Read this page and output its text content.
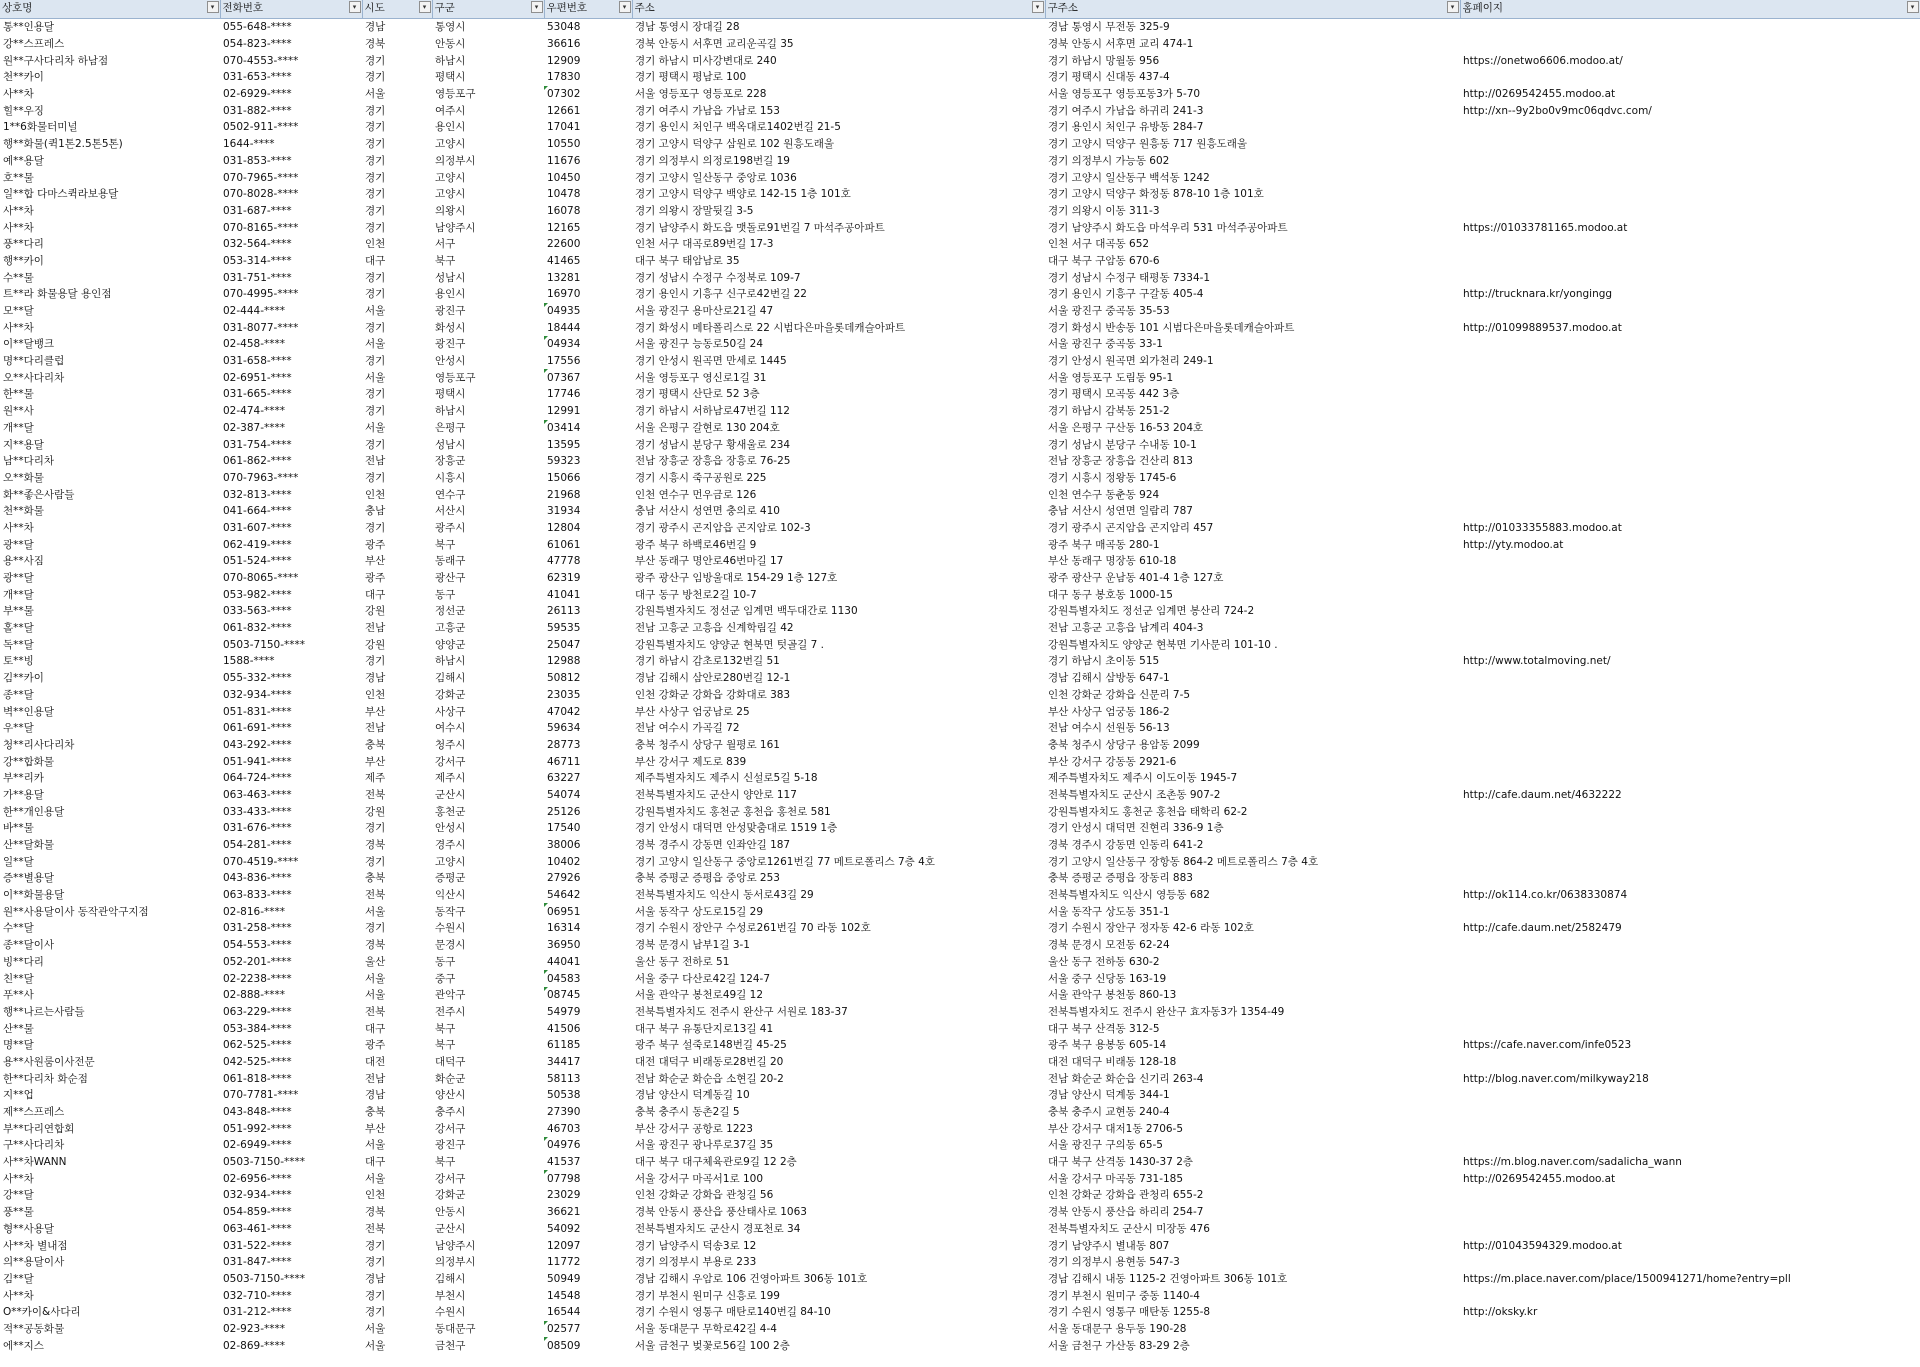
상호명 ▾	전화번호 ▾	시도 ▾	구군 ▾	우편번호 ▾	주소 ▾	구주소 ▾	홈페이지 ▾

통**인용달	055-648-****	경남	통영시	53048	경남 통영시 장대길 28	경남 통영시 무전동 325-9	
강**스프레스	054-823-****	경북	안동시	36616	경북 안동시 서후면 교리운곡길 35	경북 안동시 서후면 교리 474-1	
원**구사다리차 하남점	070-4553-****	경기	하남시	12909	경기 하남시 미사강변대로 240	경기 하남시 망월동 956	https://onetwo6606.modoo.at/
천**카이	031-653-****	경기	평택시	17830	경기 평택시 평남로 100	경기 평택시 신대동 437-4	
사**차	02-6929-****	서울	영등포구	07302	서울 영등포구 영등포로 228	서울 영등포구 영등포동3가 5-70	http://0269542455.modoo.at
힐**우징	031-882-****	경기	여주시	12661	경기 여주시 가남읍 가남로 153	경기 여주시 가남읍 하귀리 241-3	http://xn--9y2bo0v9mc06qdvc.com/
1**6화물터미널	0502-911-****	경기	용인시	17041	경기 용인시 처인구 백옥대로1402번길 21-5	경기 용인시 처인구 유방동 284-7	
행**화물(퀵1톤2.5톤5톤)	1644-****	경기	고양시	10550	경기 고양시 덕양구 삼원로 102 원흥도래울	경기 고양시 덕양구 원흥동 717 원흥도래울	
예**용달	031-853-****	경기	의정부시	11676	경기 의정부시 의정로198번길 19	경기 의정부시 가능동 602	
호**물	070-7965-****	경기	고양시	10450	경기 고양시 일산동구 중앙로 1036	경기 고양시 일산동구 백석동 1242	
일**합 다마스퀵라보용달	070-8028-****	경기	고양시	10478	경기 고양시 덕양구 백양로 142-15 1층 101호	경기 고양시 덕양구 화정동 878-10 1층 101호	
사**차	031-687-****	경기	의왕시	16078	경기 의왕시 장말뒷길 3-5	경기 의왕시 이동 311-3	
사**차	070-8165-****	경기	남양주시	12165	경기 남양주시 화도읍 맷돌로91번길 7 마석주공아파트	경기 남양주시 화도읍 마석우리 531 마석주공아파트	https://01033781165.modoo.at
풍**다리	032-564-****	인천	서구	22600	인천 서구 대곡로89번길 17-3	인천 서구 대곡동 652	
행**카이	053-314-****	대구	북구	41465	대구 북구 태암남로 35	대구 북구 구암동 670-6	
수**물	031-751-****	경기	성남시	13281	경기 성남시 수정구 수정북로 109-7	경기 성남시 수정구 태평동 7334-1	
트**라 화물용달 용인점	070-4995-****	경기	용인시	16970	경기 용인시 기흥구 신구로42번길 22	경기 용인시 기흥구 구갈동 405-4	http://trucknara.kr/yongingg
모**달	02-444-****	서울	광진구	04935	서울 광진구 용마산로21길 47	서울 광진구 중곡동 35-53	
사**차	031-8077-****	경기	화성시	18444	경기 화성시 메타폴리스로 22 시범다은마을롯데캐슬아파트	경기 화성시 반송동 101 시범다은마을롯데캐슬아파트	http://01099889537.modoo.at
이**달뱅크	02-458-****	서울	광진구	04934	서울 광진구 능동로50길 24	서울 광진구 중곡동 33-1	
명**다리클럽	031-658-****	경기	안성시	17556	경기 안성시 원곡면 만세로 1445	경기 안성시 원곡면 외가천리 249-1	
오**사다리차	02-6951-****	서울	영등포구	07367	서울 영등포구 영신로1길 31	서울 영등포구 도림동 95-1	
한**물	031-665-****	경기	평택시	17746	경기 평택시 산단로 52 3층	경기 평택시 모곡동 442 3층	
원**사	02-474-****	경기	하남시	12991	경기 하남시 서하남로47번길 112	경기 하남시 감북동 251-2	
개**달	02-387-****	서울	은평구	03414	서울 은평구 갈현로 130 204호	서울 은평구 구산동 16-53 204호	
지**용달	031-754-****	경기	성남시	13595	경기 성남시 분당구 황새울로 234	경기 성남시 분당구 수내동 10-1	
남**다리차	061-862-****	전남	장흥군	59323	전남 장흥군 장흥읍 장흥로 76-25	전남 장흥군 장흥읍 건산리 813	
오**화물	070-7963-****	경기	시흥시	15066	경기 시흥시 죽구공원로 225	경기 시흥시 정왕동 1745-6	
화**좋은사람들	032-813-****	인천	연수구	21968	인천 연수구 먼우금로 126	인천 연수구 동춘동 924	
천**화물	041-664-****	충남	서산시	31934	충남 서산시 성연면 충의로 410	충남 서산시 성연면 일람리 787	
사**차	031-607-****	경기	광주시	12804	경기 광주시 곤지암읍 곤지암로 102-3	경기 광주시 곤지암읍 곤지암리 457	http://01033355883.modoo.at
광**달	062-419-****	광주	북구	61061	광주 북구 하백로46번길 9	광주 북구 매곡동 280-1	http://yty.modoo.at
용**사짐	051-524-****	부산	동래구	47778	부산 동래구 명안로46번마길 17	부산 동래구 명장동 610-18	
광**달	070-8065-****	광주	광산구	62319	광주 광산구 임방울대로 154-29 1층 127호	광주 광산구 운남동 401-4 1층 127호	
개**달	053-982-****	대구	동구	41041	대구 동구 방천로2길 10-7	대구 동구 봉호동 1000-15	
부**물	033-563-****	강원	정선군	26113	강원특별자치도 정선군 임계면 백두대간로 1130	강원특별자치도 정선군 임계면 봉산리 724-2	
홀**달	061-832-****	전남	고흥군	59535	전남 고흥군 고흥읍 신계학림길 42	전남 고흥군 고흥읍 남계리 404-3	
독**달	0503-7150-****	강원	양양군	25047	강원특별자치도 양양군 현북면 텃골길 7 .	강원특별자치도 양양군 현북면 기사문리 101-10 .	
토**빙	1588-****	경기	하남시	12988	경기 하남시 감초로132번길 51	경기 하남시 초이동 515	http://www.totalmoving.net/
김**카이	055-332-****	경남	김해시	50812	경남 김해시 삼안로280번길 12-1	경남 김해시 삼방동 647-1	
종**달	032-934-****	인천	강화군	23035	인천 강화군 강화읍 강화대로 383	인천 강화군 강화읍 신문리 7-5	
벽**인용달	051-831-****	부산	사상구	47042	부산 사상구 엄궁남로 25	부산 사상구 엄궁동 186-2	
우**달	061-691-****	전남	여수시	59634	전남 여수시 가곡길 72	전남 여수시 선원동 56-13	
청**리사다리차	043-292-****	충북	청주시	28773	충북 청주시 상당구 월평로 161	충북 청주시 상당구 용암동 2099	
강**합화물	051-941-****	부산	강서구	46711	부산 강서구 제도로 839	부산 강서구 강동동 2921-6	
부**리카	064-724-****	제주	제주시	63227	제주특별자치도 제주시 신설로5길 5-18	제주특별자치도 제주시 이도이동 1945-7	
가**용달	063-463-****	전북	군산시	54074	전북특별자치도 군산시 양안로 117	전북특별자치도 군산시 조촌동 907-2	http://cafe.daum.net/4632222
한**개인용달	033-433-****	강원	홍천군	25126	강원특별자치도 홍천군 홍천읍 홍천로 581	강원특별자치도 홍천군 홍천읍 태학리 62-2	
바**물	031-676-****	경기	안성시	17540	경기 안성시 대덕면 안성맞춤대로 1519 1층	경기 안성시 대덕면 진현리 336-9 1층	
산**달화물	054-281-****	경북	경주시	38006	경북 경주시 강동면 인좌안길 187	경북 경주시 강동면 인동리 641-2	
일**달	070-4519-****	경기	고양시	10402	경기 고양시 일산동구 중앙로1261번길 77 메트로폴리스 7층 4호	경기 고양시 일산동구 장항동 864-2 메트로폴리스 7층 4호	
증**별용달	043-836-****	충북	증평군	27926	충북 증평군 증평읍 중앙로 253	충북 증평군 증평읍 장동리 883	
이**화물용달	063-833-****	전북	익산시	54642	전북특별자치도 익산시 동서로43길 29	전북특별자치도 익산시 영등동 682	http://ok114.co.kr/0638330874
원**사용달이사 동작관악구지점	02-816-****	서울	동작구	06951	서울 동작구 상도로15길 29	서울 동작구 상도동 351-1	
수**달	031-258-****	경기	수원시	16314	경기 수원시 장안구 수성로261번길 70 라동 102호	경기 수원시 장안구 정자동 42-6 라동 102호	http://cafe.daum.net/2582479
종**달이사	054-553-****	경북	문경시	36950	경북 문경시 남부1길 3-1	경북 문경시 모전동 62-24	
빙**다리	052-201-****	울산	동구	44041	울산 동구 전하로 51	울산 동구 전하동 630-2	
친**달	02-2238-****	서울	중구	04583	서울 중구 다산로42길 124-7	서울 중구 신당동 163-19	
푸**사	02-888-****	서울	관악구	08745	서울 관악구 봉천로49길 12	서울 관악구 봉천동 860-13	
행**나르는사람들	063-229-****	전북	전주시	54979	전북특별자치도 전주시 완산구 서원로 183-37	전북특별자치도 전주시 완산구 효자동3가 1354-49	
산**물	053-384-****	대구	북구	41506	대구 북구 유통단지로13길 41	대구 북구 산격동 312-5	
명**달	062-525-****	광주	북구	61185	광주 북구 설죽로148번길 45-25	광주 북구 용봉동 605-14	https://cafe.naver.com/infe0523
용**사원룸이사전문	042-525-****	대전	대덕구	34417	대전 대덕구 비래동로28번길 20	대전 대덕구 비래동 128-18	
한**다리차 화순점	061-818-****	전남	화순군	58113	전남 화순군 화순읍 소현길 20-2	전남 화순군 화순읍 신기리 263-4	http://blog.naver.com/milkyway218
지**업	070-7781-****	경남	양산시	50538	경남 양산시 덕계동길 10	경남 양산시 덕계동 344-1	
제**스프레스	043-848-****	충북	충주시	27390	충북 충주시 동촌2길 5	충북 충주시 교현동 240-4	
부**다리연합회	051-992-****	부산	강서구	46703	부산 강서구 공항로 1223	부산 강서구 대저1동 2706-5	
구**사다리차	02-6949-****	서울	광진구	04976	서울 광진구 광나루로37길 35	서울 광진구 구의동 65-5	
사**차WANN	0503-7150-****	대구	북구	41537	대구 북구 대구체육관로9길 12 2층	대구 북구 산격동 1430-37 2층	https://m.blog.naver.com/sadalicha_wann
사**차	02-6956-****	서울	강서구	07798	서울 강서구 마곡서1로 100	서울 강서구 마곡동 731-185	http://0269542455.modoo.at
강**달	032-934-****	인천	강화군	23029	인천 강화군 강화읍 관청길 56	인천 강화군 강화읍 관청리 655-2	
풍**물	054-859-****	경북	안동시	36621	경북 안동시 풍산읍 풍산태사로 1063	경북 안동시 풍산읍 하리리 254-7	
형**사용달	063-461-****	전북	군산시	54092	전북특별자치도 군산시 경포천로 34	전북특별자치도 군산시 미장동 476	
사**차 별내점	031-522-****	경기	남양주시	12097	경기 남양주시 덕송3로 12	경기 남양주시 별내동 807	http://01043594329.modoo.at
의**용달이사	031-847-****	경기	의정부시	11772	경기 의정부시 부용로 233	경기 의정부시 용현동 547-3	
김**달	0503-7150-****	경남	김해시	50949	경남 김해시 우암로 106 건영아파트 306동 101호	경남 김해시 내동 1125-2 건영아파트 306동 101호	https://m.place.naver.com/place/1500941271/home?entry=pll
사**차	032-710-****	경기	부천시	14548	경기 부천시 원미구 신흥로 199	경기 부천시 원미구 중동 1140-4	
O**카이&사다리	031-212-****	경기	수원시	16544	경기 수원시 영통구 매탄로140번길 84-10	경기 수원시 영통구 매탄동 1255-8	http://oksky.kr
적**공동화물	02-923-****	서울	동대문구	02577	서울 동대문구 무학로42길 4-4	서울 동대문구 용두동 190-28	
에**지스	02-869-****	서울	금천구	08509	서울 금천구 벚꽃로56길 100 2층	서울 금천구 가산동 83-29 2층	
